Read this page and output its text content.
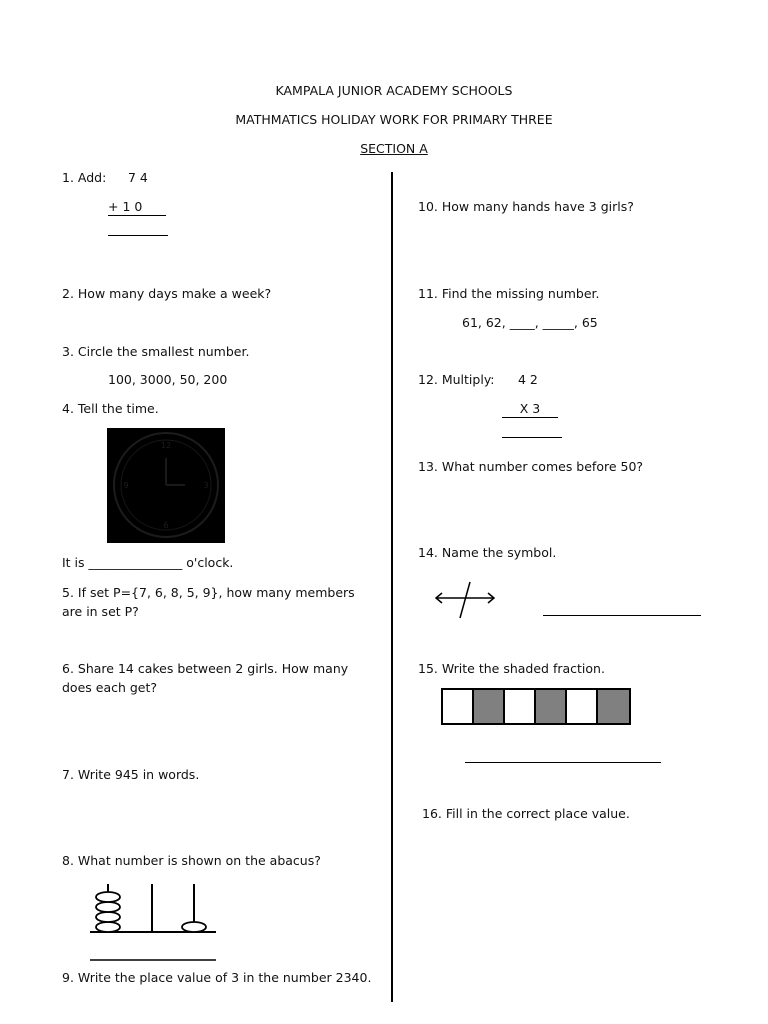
KAMPALA JUNIOR ACADEMY SCHOOLS
MATHMATICS HOLIDAY WORK FOR PRIMARY THREE
SECTION A
1. Add: 7 4
+ 1 0
2. How many days make a week?
3. Circle the smallest number.
100, 3000, 50, 200
4. Tell the time.
12
3
6
9
It is _______________ o'clock.
5. If set P={7, 6, 8, 5, 9}, how many members
are in set P?
6. Share 14 cakes between 2 girls. How many
does each get?
7. Write 945 in words.
8. What number is shown on the abacus?
9. Write the place value of 3 in the number 2340.
10. How many hands have 3 girls?
11. Find the missing number.
61, 62, ____, _____, 65
12. Multiply: 4 2
X 3
13. What number comes before 50?
14. Name the symbol.
15. Write the shaded fraction.
16. Fill in the correct place value.
